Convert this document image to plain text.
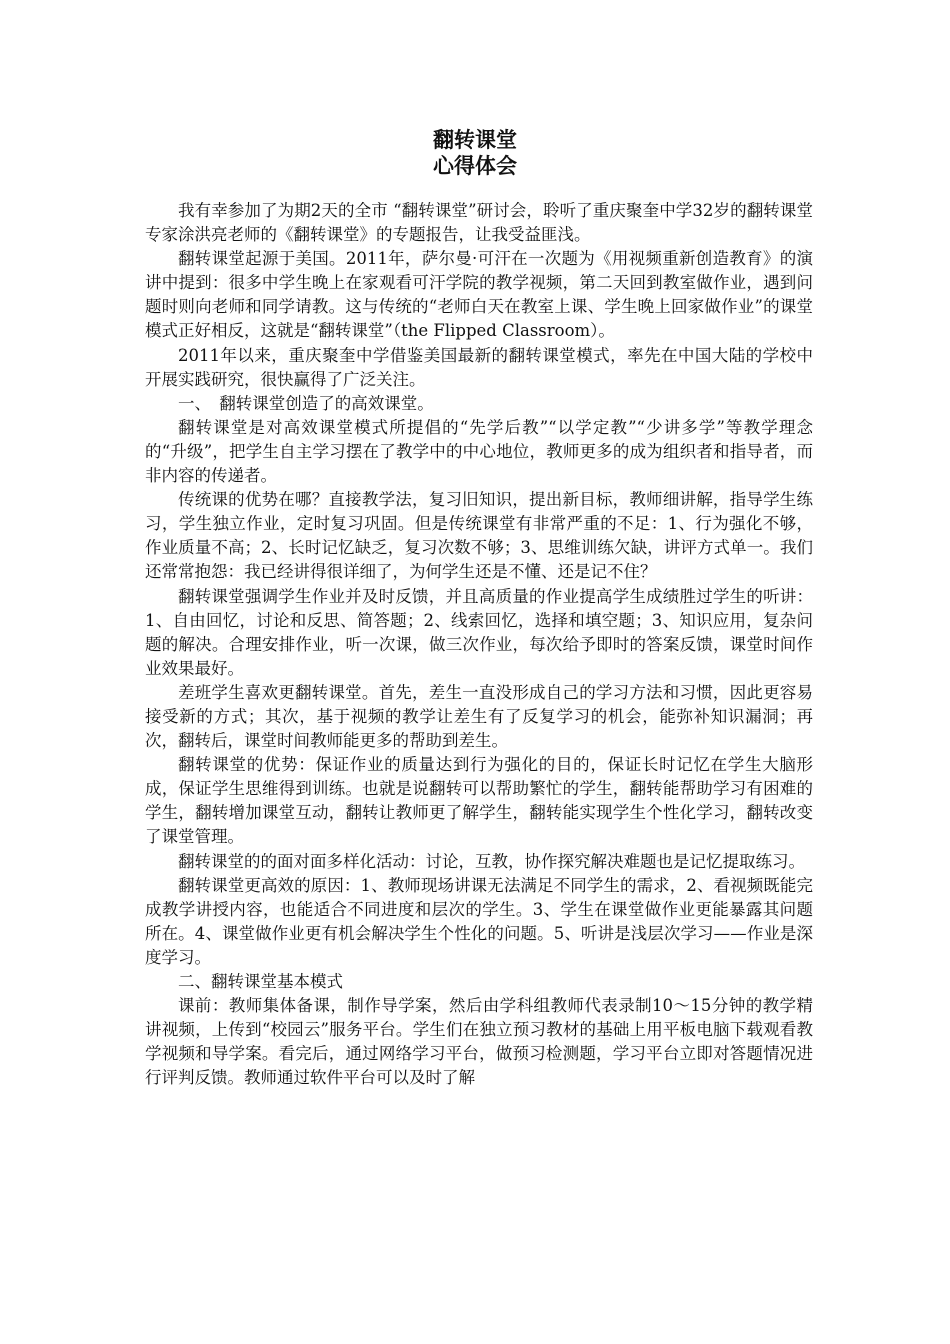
翻转课堂
心得体会

我有幸参加了为期2天的全市 “翻转课堂”研讨会，聆听了重庆聚奎中学32岁的翻转课堂专家涂洪亮老师的《翻转课堂》的专题报告，让我受益匪浅。

翻转课堂起源于美国。2011年，萨尔曼·可汗在一次题为《用视频重新创造教育》的演讲中提到：很多中学生晚上在家观看可汗学院的教学视频，第二天回到教室做作业，遇到问题时则向老师和同学请教。这与传统的“老师白天在教室上课、学生晚上回家做作业”的课堂模式正好相反，这就是“翻转课堂”（the Flipped Classroom）。

2011年以来，重庆聚奎中学借鉴美国最新的翻转课堂模式，率先在中国大陆的学校中开展实践研究，很快赢得了广泛关注。

一、　翻转课堂创造了的高效课堂。

翻转课堂是对高效课堂模式所提倡的“先学后教”“以学定教”“少讲多学”等教学理念的“升级”，把学生自主学习摆在了教学中的中心地位，教师更多的成为组织者和指导者，而非内容的传递者。

传统课的优势在哪？直接教学法，复习旧知识，提出新目标，教师细讲解，指导学生练习，学生独立作业，定时复习巩固。但是传统课堂有非常严重的不足：1、行为强化不够，作业质量不高；2、长时记忆缺乏，复习次数不够；3、思维训练欠缺，讲评方式单一。我们还常常抱怨：我已经讲得很详细了，为何学生还是不懂、还是记不住？

翻转课堂强调学生作业并及时反馈，并且高质量的作业提高学生成绩胜过学生的听讲：1、自由回忆，讨论和反思、简答题；2、线索回忆，选择和填空题；3、知识应用，复杂问题的解决。合理安排作业，听一次课，做三次作业，每次给予即时的答案反馈，课堂时间作业效果最好。

差班学生喜欢更翻转课堂。首先，差生一直没形成自己的学习方法和习惯，因此更容易接受新的方式；其次，基于视频的教学让差生有了反复学习的机会，能弥补知识漏洞；再次，翻转后，课堂时间教师能更多的帮助到差生。

翻转课堂的优势：保证作业的质量达到行为强化的目的，保证长时记忆在学生大脑形成，保证学生思维得到训练。也就是说翻转可以帮助繁忙的学生，翻转能帮助学习有困难的学生，翻转增加课堂互动，翻转让教师更了解学生，翻转能实现学生个性化学习，翻转改变了课堂管理。

翻转课堂的的面对面多样化活动：讨论，互教，协作探究解决难题也是记忆提取练习。

翻转课堂更高效的原因：1、教师现场讲课无法满足不同学生的需求，2、看视频既能完成教学讲授内容，也能适合不同进度和层次的学生。3、学生在课堂做作业更能暴露其问题所在。4、课堂做作业更有机会解决学生个性化的问题。5、听讲是浅层次学习——作业是深度学习。

二、翻转课堂基本模式

课前：教师集体备课，制作导学案，然后由学科组教师代表录制10～15分钟的教学精讲视频，上传到“校园云”服务平台。学生们在独立预习教材的基础上用平板电脑下载观看教学视频和导学案。看完后，通过网络学习平台，做预习检测题，学习平台立即对答题情况进行评判反馈。教师通过软件平台可以及时了解
